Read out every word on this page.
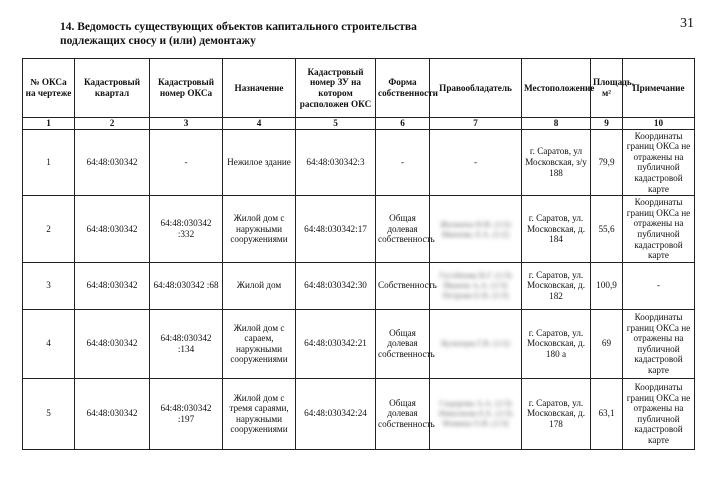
31
14. Ведомость существующих объектов капитального строительства
подлежащих сносу и (или) демонтажу
№ ОКСа на чертеже	Кадастровый квартал	Кадастровый номер ОКСа	Назначение	Кадастровый номер ЗУ на котором расположен ОКС	Форма собственности	Правообладатель	Местоположение	Площадь, м²	Примечание
1	2	3	4	5	6	7	8	9	10
1	64:48:030342	-	Нежилое здание	64:48:030342:3	-	-	г. Саратов, ул Московская, з/у 188	79,9	Координаты границ ОКСа не отражены на публичной кадастровой карте
2	64:48:030342	64:48:030342 :332	Жилой дом с наружными сооружениями	64:48:030342:17	Общая долевая собственность	Жилкина Н.И. (1/2) Иванова Л.А. (1/2)	г. Саратов, ул. Московская, д. 184	55,6	Координаты границ ОКСа не отражены на публичной кадастровой карте
3	64:48:030342	64:48:030342 :68	Жилой дом	64:48:030342:30	Собственность	Гусейнова В.Г. (1/3) Иванов А.А. (1/3) Петрова Е.Н. (1/3)	г. Саратов, ул. Московская, д. 182	100,9	-
4	64:48:030342	64:48:030342 :134	Жилой дом с сараем, наружными сооружениями	64:48:030342:21	Общая долевая собственность	Кузнецов Г.В. (1/2)	г. Саратов, ул. Московская, д. 180 а	69	Координаты границ ОКСа не отражены на публичной кадастровой карте
5	64:48:030342	64:48:030342 :197	Жилой дом с тремя сараями, наружными сооружениями	64:48:030342:24	Общая долевая собственность	Сидорова А.А. (1/3) Николаева Е.Е. (1/3) Фомина О.В. (1/3)	г. Саратов, ул. Московская, д. 178	63,1	Координаты границ ОКСа не отражены на публичной кадастровой карте
